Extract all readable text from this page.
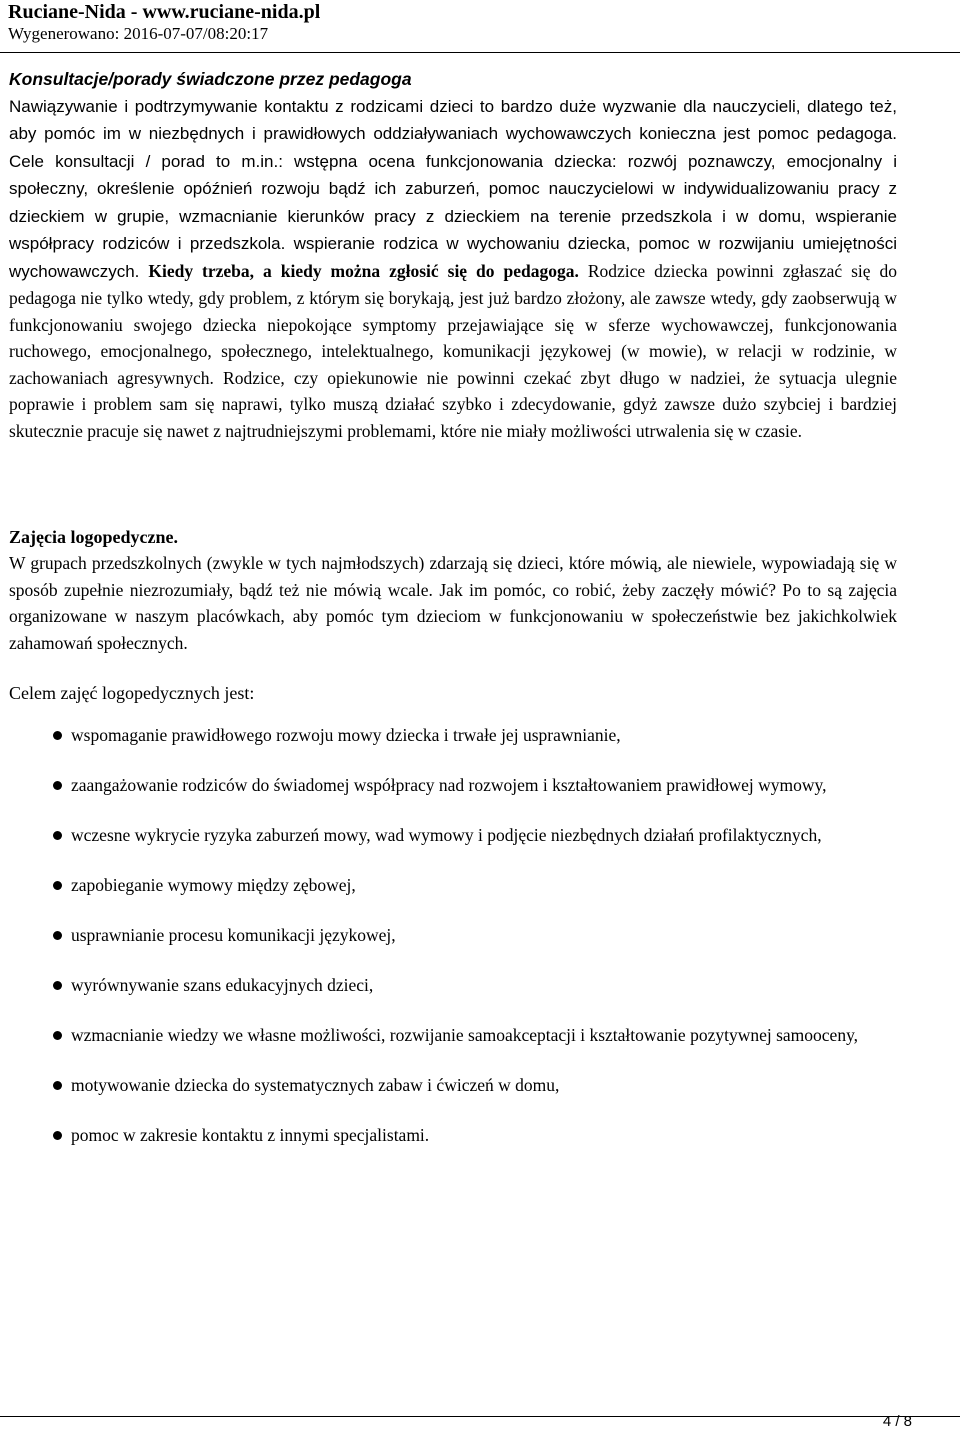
Ruciane-Nida - www.ruciane-nida.pl
Wygenerowano: 2016-07-07/08:20:17
Konsultacje/porady świadczone przez pedagoga

Nawiązywanie i podtrzymywanie kontaktu z rodzicami dzieci to bardzo duże wyzwanie dla nauczycieli, dlatego też, aby pomóc im w niezbędnych i prawidłowych oddziaływaniach wychowawczych konieczna jest pomoc pedagoga. Cele konsultacji / porad to m.in.: wstępna ocena funkcjonowania dziecka: rozwój poznawczy, emocjonalny i społeczny, określenie opóźnień rozwoju bądź ich zaburzeń, pomoc nauczycielowi w indywidualizowaniu pracy z dzieckiem w grupie, wzmacnianie kierunków pracy z dzieckiem na terenie przedszkola i w domu, wspieranie współpracy rodziców i przedszkola. wspieranie rodzica w wychowaniu dziecka, pomoc w rozwijaniu umiejętności wychowawczych. Kiedy trzeba, a kiedy można zgłosić się do pedagoga. Rodzice dziecka powinni zgłaszać się do pedagoga nie tylko wtedy, gdy problem, z którym się borykają, jest już bardzo złożony, ale zawsze wtedy, gdy zaobserwują w funkcjonowaniu swojego dziecka niepokojące symptomy przejawiające się w sferze wychowawczej, funkcjonowania ruchowego, emocjonalnego, społecznego, intelektualnego, komunikacji językowej (w mowie), w relacji w rodzinie, w zachowaniach agresywnych. Rodzice, czy opiekunowie nie powinni czekać zbyt długo w nadziei, że sytuacja ulegnie poprawie i problem sam się naprawi, tylko muszą działać szybko i zdecydowanie, gdyż zawsze dużo szybciej i bardziej skutecznie pracuje się nawet z najtrudniejszymi problemami, które nie miały możliwości utrwalenia się w czasie.

Zajęcia logopedyczne.

W grupach przedszkolnych (zwykle w tych najmłodszych) zdarzają się dzieci, które mówią, ale niewiele, wypowiadają się w sposób zupełnie niezrozumiały, bądź też nie mówią wcale. Jak im pomóc, co robić, żeby zaczęły mówić? Po to są zajęcia organizowane w naszym placówkach, aby pomóc tym dzieciom w funkcjonowaniu w społeczeństwie bez jakichkolwiek zahamowań społecznych.

Celem zajęć logopedycznych jest:

wspomaganie prawidłowego rozwoju mowy dziecka i trwałe jej usprawnianie,
zaangażowanie rodziców do świadomej współpracy nad rozwojem i kształtowaniem prawidłowej wymowy,
wczesne wykrycie ryzyka zaburzeń mowy, wad wymowy i podjęcie niezbędnych działań profilaktycznych,
zapobieganie wymowy między zębowej,
usprawnianie procesu komunikacji językowej,
wyrównywanie szans edukacyjnych dzieci,
wzmacnianie wiedzy we własne możliwości, rozwijanie samoakceptacji i kształtowanie pozytywnej samooceny,
motywowanie dziecka do systematycznych zabaw i ćwiczeń w domu,
pomoc w zakresie kontaktu z innymi specjalistami.
4 / 8
